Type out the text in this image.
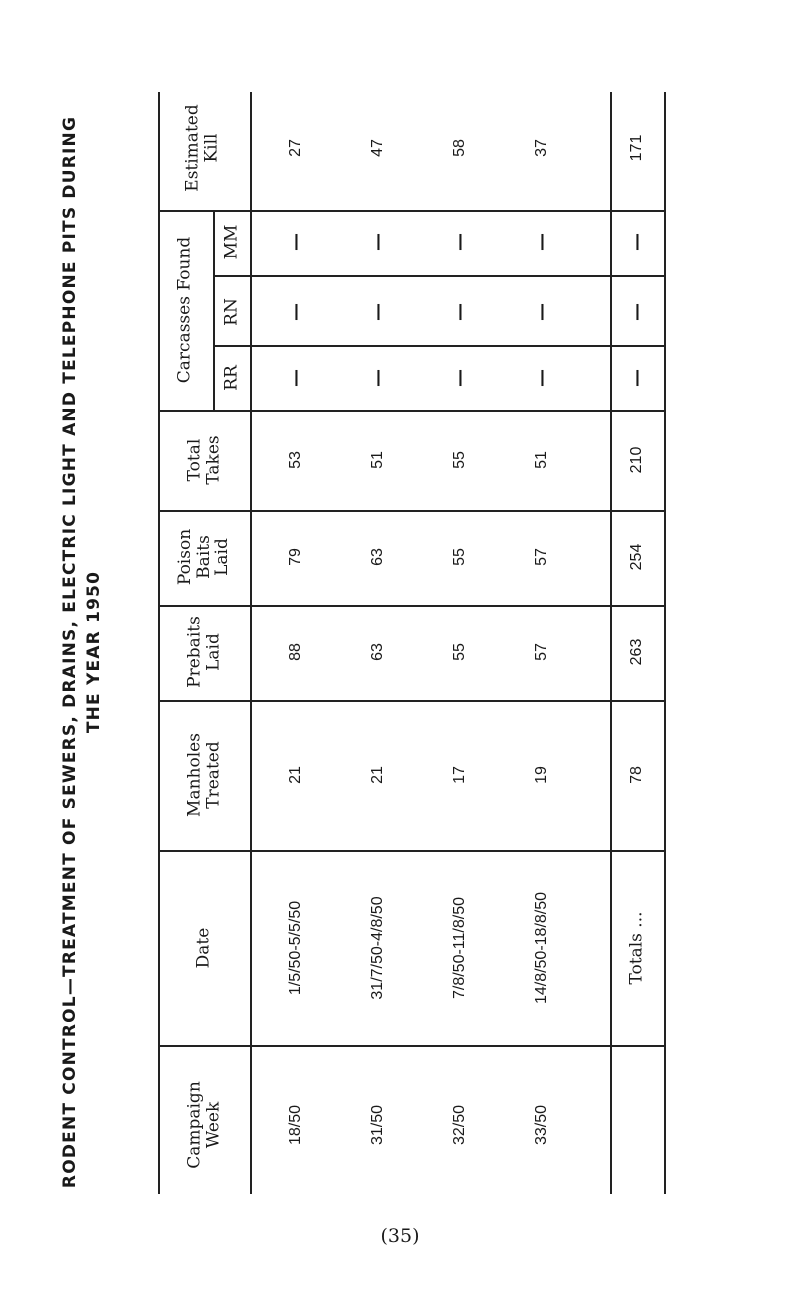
RODENT CONTROL—TREATMENT OF SEWERS, DRAINS, ELECTRIC LIGHT AND TELEPHONE PITS DURING THE YEAR 1950
Estimated Kill
Carcasses Found MM
RN
RR
Total Takes
Poison Baits Laid
Prebaits Laid
Manholes Treated
Date
Campaign Week
27
—
—
—
53
79
88
21
1/5/50-5/5/50
18/50
47
—
—
—
51
63
63
21
31/7/50-4/8/50
31/50
58
—
—
—
55
55
55
17
7/8/50-11/8/50
32/50
37
—
—
—
51
57
57
19
14/8/50-18/8/50
33/50
171
—
—
—
210
254
263
78
Totals ...
(35)
